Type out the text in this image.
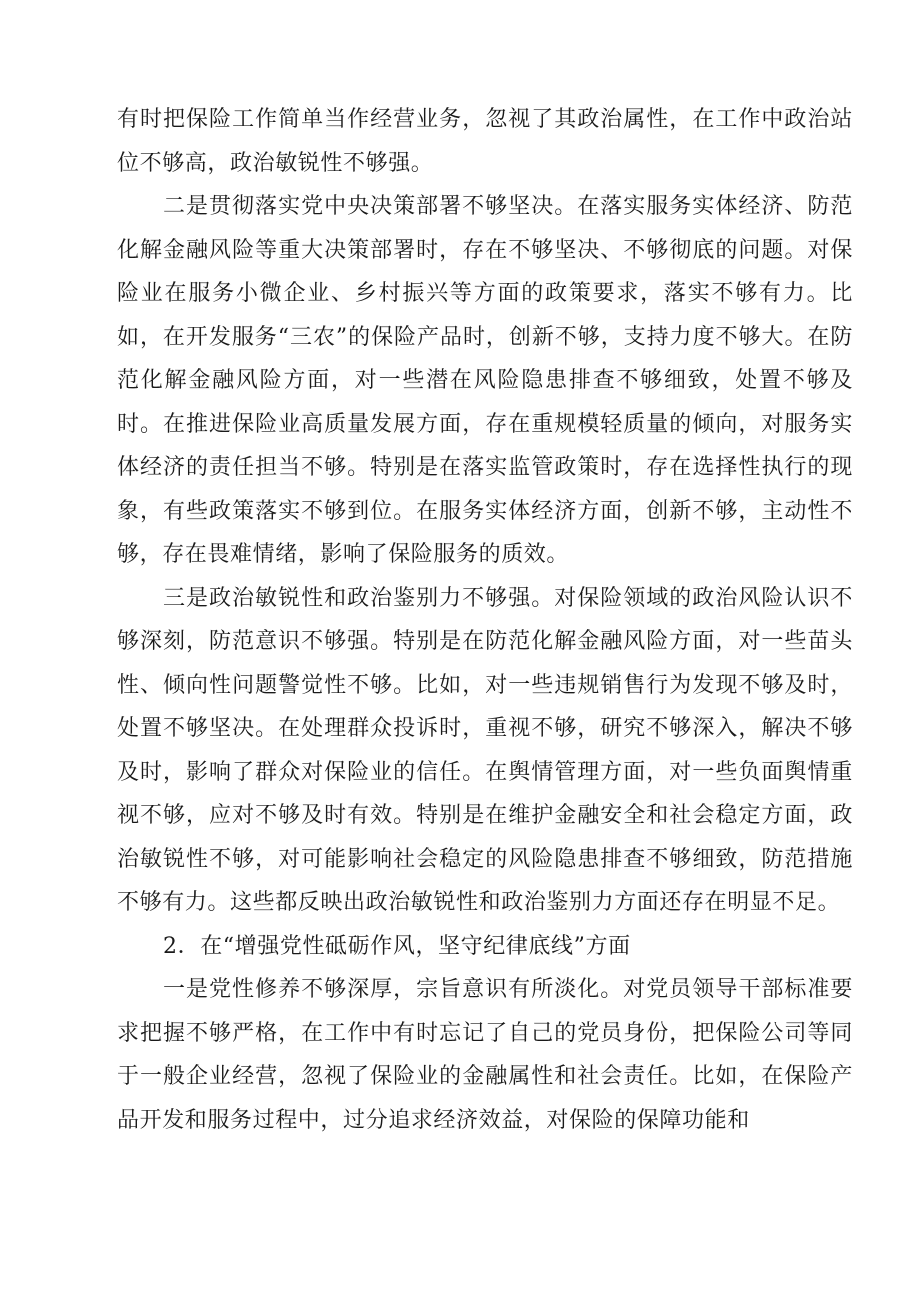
有时把保险工作简单当作经营业务，忽视了其政治属性，在工作中政治站位不够高，政治敏锐性不够强。

二是贯彻落实党中央决策部署不够坚决。在落实服务实体经济、防范化解金融风险等重大决策部署时，存在不够坚决、不够彻底的问题。对保险业在服务小微企业、乡村振兴等方面的政策要求，落实不够有力。比如，在开发服务“三农”的保险产品时，创新不够，支持力度不够大。在防范化解金融风险方面，对一些潜在风险隐患排查不够细致，处置不够及时。在推进保险业高质量发展方面，存在重规模轻质量的倾向，对服务实体经济的责任担当不够。特别是在落实监管政策时，存在选择性执行的现象，有些政策落实不够到位。在服务实体经济方面，创新不够，主动性不够，存在畏难情绪，影响了保险服务的质效。

三是政治敏锐性和政治鉴别力不够强。对保险领域的政治风险认识不够深刻，防范意识不够强。特别是在防范化解金融风险方面，对一些苗头性、倾向性问题警觉性不够。比如，对一些违规销售行为发现不够及时，处置不够坚决。在处理群众投诉时，重视不够，研究不够深入，解决不够及时，影响了群众对保险业的信任。在舆情管理方面，对一些负面舆情重视不够，应对不够及时有效。特别是在维护金融安全和社会稳定方面，政治敏锐性不够，对可能影响社会稳定的风险隐患排查不够细致，防范措施不够有力。这些都反映出政治敏锐性和政治鉴别力方面还存在明显不足。

2．在“增强党性砥砺作风，坚守纪律底线”方面

一是党性修养不够深厚，宗旨意识有所淡化。对党员领导干部标准要求把握不够严格，在工作中有时忘记了自己的党员身份，把保险公司等同于一般企业经营，忽视了保险业的金融属性和社会责任。比如，在保险产品开发和服务过程中，过分追求经济效益，对保险的保障功能和
